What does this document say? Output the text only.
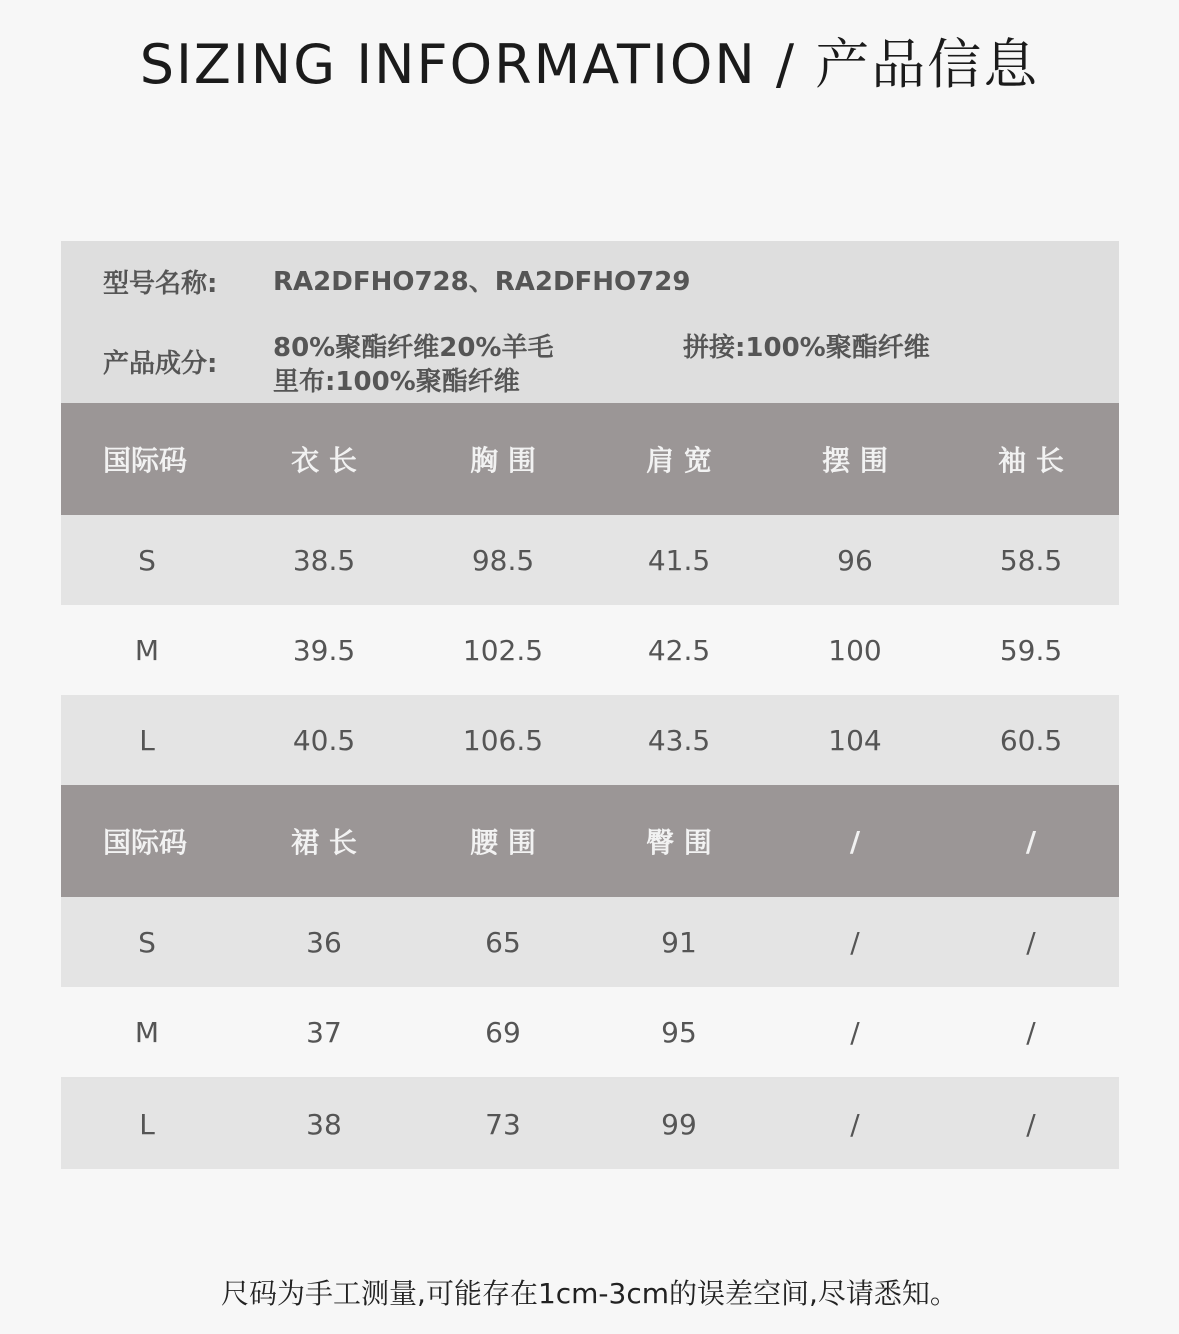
SIZING INFORMATION / 产品信息
型号名称: RA2DFHO728、RA2DFHO729
产品成分:
80%聚酯纤维20%羊毛	拼接:100%聚酯纤维
里布:100%聚酯纤维
国际码	衣 长	胸 围	肩 宽	摆 围	袖 长
S	38.5	98.5	41.5	96	58.5
M	39.5	102.5	42.5	100	59.5
L	40.5	106.5	43.5	104	60.5
国际码	裙 长	腰 围	臀 围	/	/
S	36	65	91	/	/
M	37	69	95	/	/
L	38	73	99	/	/
尺码为手工测量,可能存在1cm-3cm的误差空间,尽请悉知。
